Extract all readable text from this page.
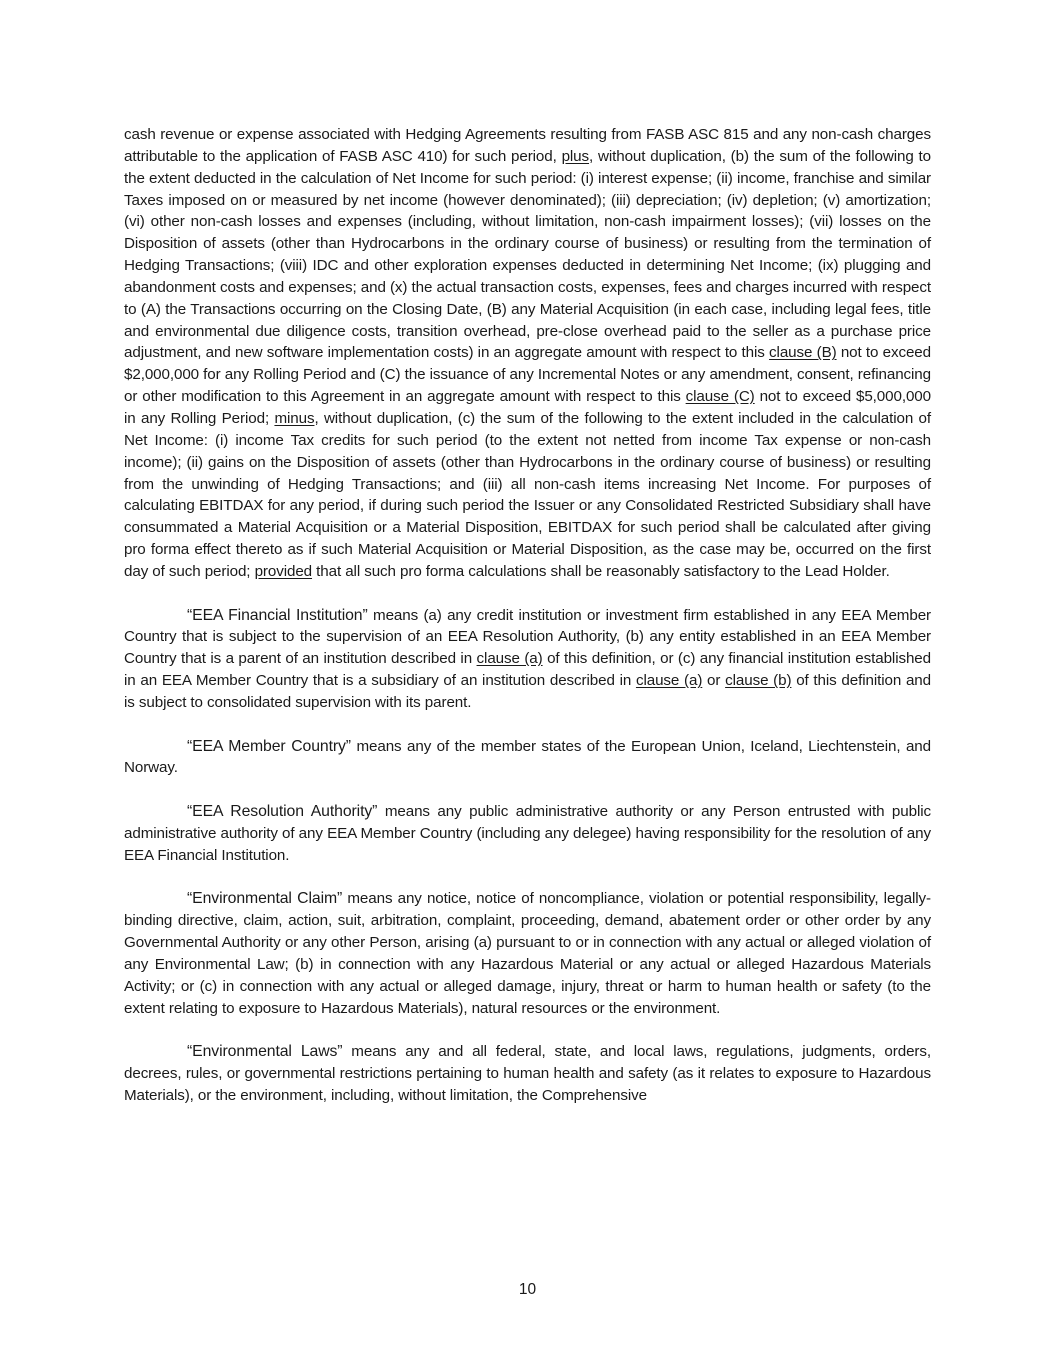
cash revenue or expense associated with Hedging Agreements resulting from FASB ASC 815 and any non-cash charges attributable to the application of FASB ASC 410) for such period, plus, without duplication, (b) the sum of the following to the extent deducted in the calculation of Net Income for such period: (i) interest expense; (ii) income, franchise and similar Taxes imposed on or measured by net income (however denominated); (iii) depreciation; (iv) depletion; (v) amortization; (vi) other non-cash losses and expenses (including, without limitation, non-cash impairment losses); (vii) losses on the Disposition of assets (other than Hydrocarbons in the ordinary course of business) or resulting from the termination of Hedging Transactions; (viii) IDC and other exploration expenses deducted in determining Net Income; (ix) plugging and abandonment costs and expenses; and (x) the actual transaction costs, expenses, fees and charges incurred with respect to (A) the Transactions occurring on the Closing Date, (B) any Material Acquisition (in each case, including legal fees, title and environmental due diligence costs, transition overhead, pre-close overhead paid to the seller as a purchase price adjustment, and new software implementation costs) in an aggregate amount with respect to this clause (B) not to exceed $2,000,000 for any Rolling Period and (C) the issuance of any Incremental Notes or any amendment, consent, refinancing or other modification to this Agreement in an aggregate amount with respect to this clause (C) not to exceed $5,000,000 in any Rolling Period; minus, without duplication, (c) the sum of the following to the extent included in the calculation of Net Income: (i) income Tax credits for such period (to the extent not netted from income Tax expense or non-cash income); (ii) gains on the Disposition of assets (other than Hydrocarbons in the ordinary course of business) or resulting from the unwinding of Hedging Transactions; and (iii) all non-cash items increasing Net Income. For purposes of calculating EBITDAX for any period, if during such period the Issuer or any Consolidated Restricted Subsidiary shall have consummated a Material Acquisition or a Material Disposition, EBITDAX for such period shall be calculated after giving pro forma effect thereto as if such Material Acquisition or Material Disposition, as the case may be, occurred on the first day of such period; provided that all such pro forma calculations shall be reasonably satisfactory to the Lead Holder.

“EEA Financial Institution” means (a) any credit institution or investment firm established in any EEA Member Country that is subject to the supervision of an EEA Resolution Authority, (b) any entity established in an EEA Member Country that is a parent of an institution described in clause (a) of this definition, or (c) any financial institution established in an EEA Member Country that is a subsidiary of an institution described in clause (a) or clause (b) of this definition and is subject to consolidated supervision with its parent.

“EEA Member Country” means any of the member states of the European Union, Iceland, Liechtenstein, and Norway.

“EEA Resolution Authority” means any public administrative authority or any Person entrusted with public administrative authority of any EEA Member Country (including any delegee) having responsibility for the resolution of any EEA Financial Institution.

“Environmental Claim” means any notice, notice of noncompliance, violation or potential responsibility, legally-binding directive, claim, action, suit, arbitration, complaint, proceeding, demand, abatement order or other order by any Governmental Authority or any other Person, arising (a) pursuant to or in connection with any actual or alleged violation of any Environmental Law; (b) in connection with any Hazardous Material or any actual or alleged Hazardous Materials Activity; or (c) in connection with any actual or alleged damage, injury, threat or harm to human health or safety (to the extent relating to exposure to Hazardous Materials), natural resources or the environment.

“Environmental Laws” means any and all federal, state, and local laws, regulations, judgments, orders, decrees, rules, or governmental restrictions pertaining to human health and safety (as it relates to exposure to Hazardous Materials), or the environment, including, without limitation, the Comprehensive

10
